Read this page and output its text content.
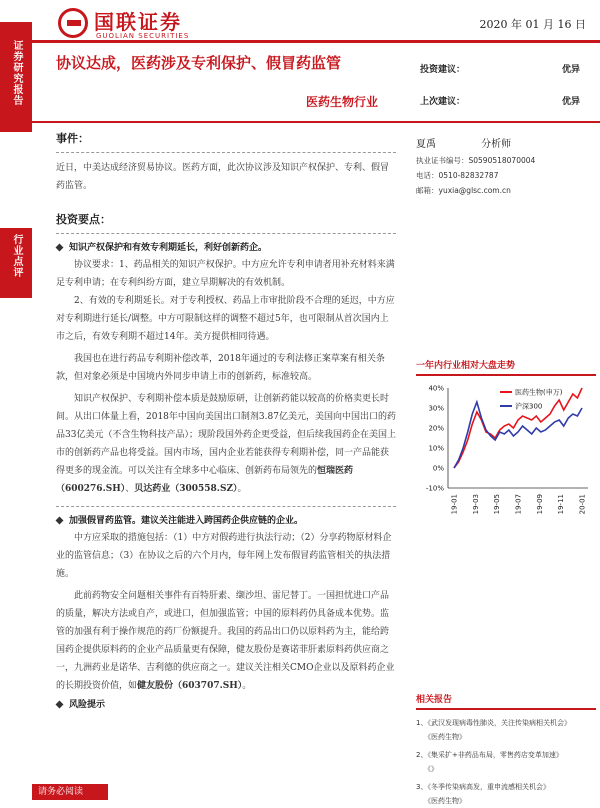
证券研究报告
行业点评
国联证券
GUOLIAN SECURITIES
2020 年 01 月 16 日
协议达成，医药涉及专利保护、假冒药监管
医药生物行业
投资建议：	优异
上次建议：	优异
事件：

近日，中美达成经济贸易协议。医药方面，此次协议涉及知识产权保护、专利、假冒药监管。

投资要点：
知识产权保护和有效专利期延长，利好创新药企。

协议要求：1、药品相关的知识产权保护。中方应允许专利申请者用补充材料来满足专利申请；在专利纠纷方面，建立早期解决的有效机制。

2、有效的专利期延长。对于专利授权、药品上市审批阶段不合理的延迟，中方应对专利期进行延长/调整。中方可限制这样的调整不超过5年，也可限制从首次国内上市之后，有效专利期不超过14年。美方提供相同待遇。

我国也在进行药品专利期补偿改革，2018年通过的专利法修正案草案有相关条款，但对象必须是中国境内外同步申请上市的创新药，标准较高。

知识产权保护、专利期补偿本质是鼓励原研，让创新药能以较高的价格卖更长时间。从出口体量上看，2018年中国向美国出口制剂3.87亿美元，美国向中国出口的药品33亿美元（不含生物科技产品）；现阶段国外药企更受益，但后续我国药企在美国上市的创新药产品也将受益。国内市场，国内企业若能获得专利期补偿，同一产品能获得更多的现金流。可以关注有全球多中心临床、创新药布局领先的恒瑞医药（600276.SH）、贝达药业（300558.SZ）。

加强假冒药监管。建议关注能进入跨国药企供应链的企业。

中方应采取的措施包括：（1）中方对假药进行执法行动；（2）分享药物原材料企业的监管信息；（3）在协议之后的六个月内，每年网上发布假冒药监管相关的执法措施。

此前药物安全问题相关事件有百特肝素、缬沙坦、雷尼替丁。一国担忧进口产品的质量，解决方法或自产，或进口，但加强监管；中国的原料药仍具备成本优势。监管的加强有利于操作规范的药厂份额提升。我国的药品出口仍以原料药为主，能给跨国药企提供原料药的企业产品质量更有保障，健友股份是赛诺菲肝素原料药供应商之一，九洲药业是诺华、吉利德的供应商之一。建议关注相关CMO企业以及原料药企业的长期投资价值，如健友股份（603707.SH）。

风险提示
夏禹	分析师
执业证书编号：S0590518070004
电话：0510-82832787
邮箱：yuxia@glsc.com.cn
一年内行业相对大盘走势
40%
30%
20%
10%
0%
-10%
19-01 19-03 19-05 19-07 19-09 19-11 20-01
医药生物(申万)
沪深300
相关报告
1、《武汉发现病毒性肺炎，关注传染病相关机会》
《医药生物》
2、《集采扩+非药品布局，零售药店变革加速》
《》
3、《冬季传染病高发，重申流感相关机会》
《医药生物》
请务必阅读
